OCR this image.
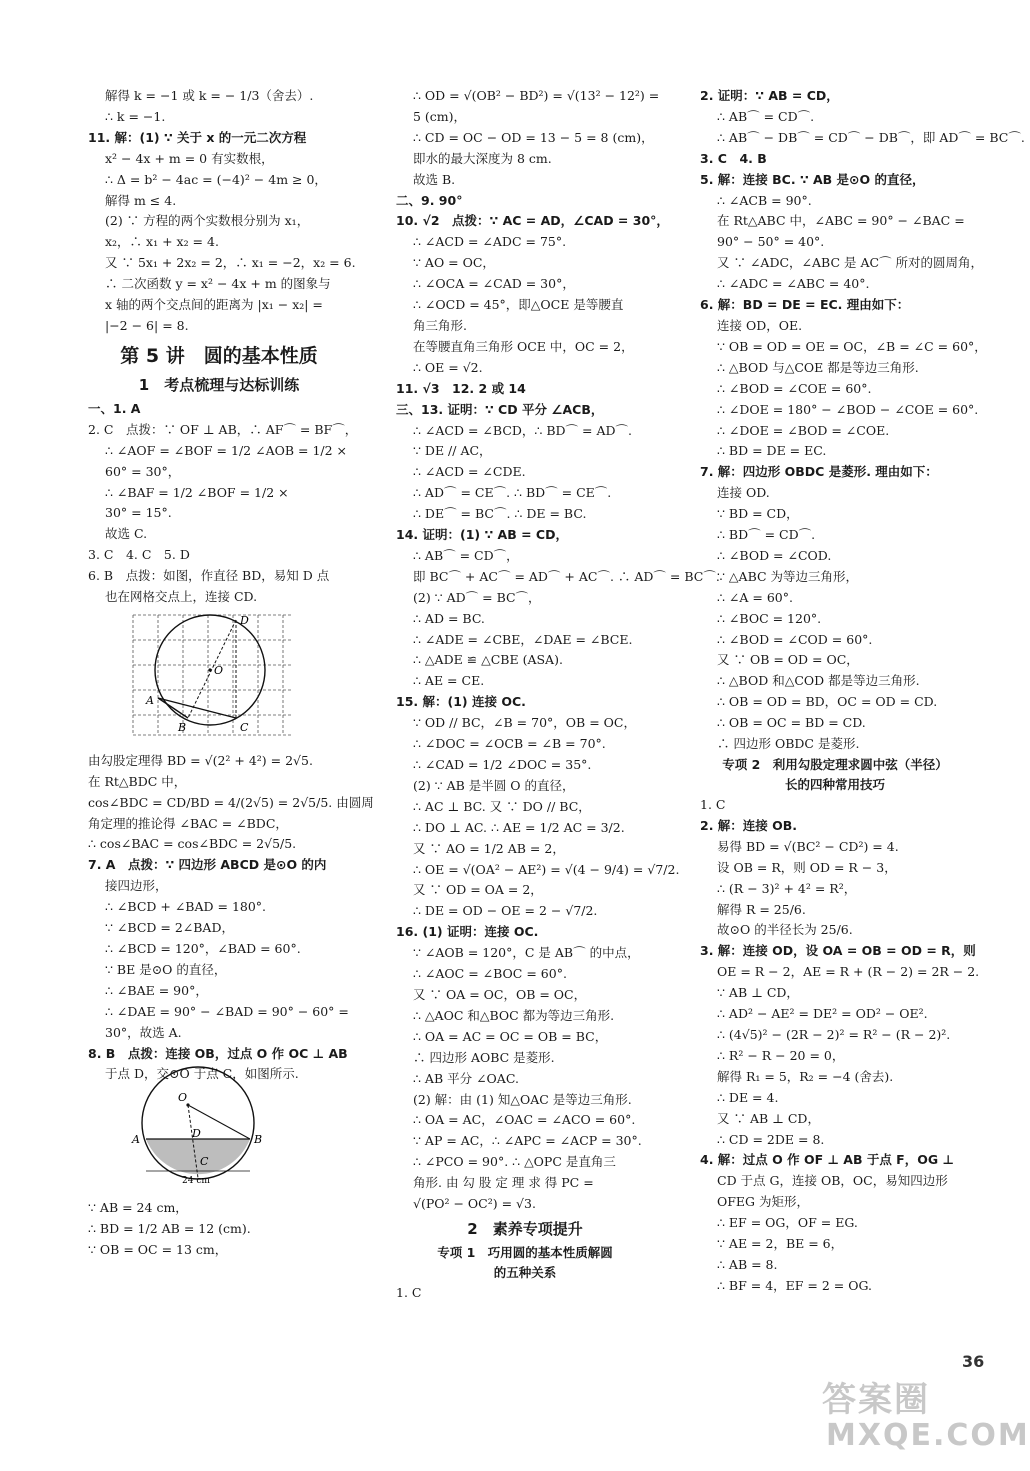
解得 k = −1 或 k = − 1/3（舍去）.
∴ k = −1.
11. 解：(1) ∵ 关于 x 的一元二次方程
x² − 4x + m = 0 有实数根，
∴ Δ = b² − 4ac = (−4)² − 4m ≥ 0，
解得 m ≤ 4.
(2) ∵ 方程的两个实数根分别为 x₁，
x₂，∴ x₁ + x₂ = 4.
又 ∵ 5x₁ + 2x₂ = 2，∴ x₁ = −2，x₂ = 6.
∴ 二次函数 y = x² − 4x + m 的图象与
x 轴的两个交点间的距离为 |x₁ − x₂| =
|−2 − 6| = 8.
第 5 讲　圆的基本性质
1　考点梳理与达标训练
一、1. A
2. C　点拨：∵ OF ⊥ AB，∴ AF⌒ = BF⌒，
∴ ∠AOF = ∠BOF = 1/2 ∠AOB = 1/2 ×
60° = 30°，
∴ ∠BAF = 1/2 ∠BOF = 1/2 ×
30° = 15°.
故选 C.
3. C　4. C　5. D
6. B　点拨：如图，作直径 BD，易知 D 点
也在网格交点上，连接 CD.
D
O
A
B	C
由勾股定理得 BD = √(2² + 4²) = 2√5.
在 Rt△BDC 中，
cos∠BDC = CD/BD = 4/(2√5) = 2√5/5. 由圆周
角定理的推论得 ∠BAC = ∠BDC，
∴ cos∠BAC = cos∠BDC = 2√5/5.
7. A　点拨：∵ 四边形 ABCD 是⊙O 的内
接四边形，
∴ ∠BCD + ∠BAD = 180°.
∵ ∠BCD = 2∠BAD，
∴ ∠BCD = 120°，∠BAD = 60°.
∵ BE 是⊙O 的直径，
∴ ∠BAE = 90°，
∴ ∠DAE = 90° − ∠BAD = 90° − 60° =
30°，故选 A.
8. B　点拨：连接 OB，过点 O 作 OC ⊥ AB
于点 D，交⊙O 于点 C，如图所示.
O
A	D	B
C
24 cm
∵ AB = 24 cm，
∴ BD = 1/2 AB = 12 (cm).
∵ OB = OC = 13 cm，
∴ OD = √(OB² − BD²) = √(13² − 12²) =
5 (cm)，
∴ CD = OC − OD = 13 − 5 = 8 (cm)，
即水的最大深度为 8 cm.
故选 B.
二、9. 90°
10. √2　点拨：∵ AC = AD，∠CAD = 30°，
∴ ∠ACD = ∠ADC = 75°.
∵ AO = OC，
∴ ∠OCA = ∠CAD = 30°，
∴ ∠OCD = 45°，即△OCE 是等腰直
角三角形.
在等腰直角三角形 OCE 中，OC = 2，
∴ OE = √2.
11. √3　12. 2 或 14
三、13. 证明：∵ CD 平分 ∠ACB，
∴ ∠ACD = ∠BCD，∴ BD⌒ = AD⌒.
∵ DE // AC，
∴ ∠ACD = ∠CDE.
∴ AD⌒ = CE⌒. ∴ BD⌒ = CE⌒.
∴ DE⌒ = BC⌒. ∴ DE = BC.
14. 证明：(1) ∵ AB = CD，
∴ AB⌒ = CD⌒，
即 BC⌒ + AC⌒ = AD⌒ + AC⌒. ∴ AD⌒ = BC⌒.
(2) ∵ AD⌒ = BC⌒，
∴ AD = BC.
∴ ∠ADE = ∠CBE，∠DAE = ∠BCE.
∴ △ADE ≌ △CBE (ASA).
∴ AE = CE.
15. 解：(1) 连接 OC.
∵ OD // BC，∠B = 70°，OB = OC，
∴ ∠DOC = ∠OCB = ∠B = 70°.
∴ ∠CAD = 1/2 ∠DOC = 35°.
(2) ∵ AB 是半圆 O 的直径，
∴ AC ⊥ BC. 又 ∵ DO // BC，
∴ DO ⊥ AC. ∴ AE = 1/2 AC = 3/2.
又 ∵ AO = 1/2 AB = 2，
∴ OE = √(OA² − AE²) = √(4 − 9/4) = √7/2.
又 ∵ OD = OA = 2，
∴ DE = OD − OE = 2 − √7/2.
16. (1) 证明：连接 OC.
∵ ∠AOB = 120°，C 是 AB⌒ 的中点，
∴ ∠AOC = ∠BOC = 60°.
又 ∵ OA = OC，OB = OC，
∴ △AOC 和△BOC 都为等边三角形.
∴ OA = AC = OC = OB = BC，
∴ 四边形 AOBC 是菱形.
∴ AB 平分 ∠OAC.
(2) 解：由 (1) 知△OAC 是等边三角形.
∴ OA = AC，∠OAC = ∠ACO = 60°.
∵ AP = AC，∴ ∠APC = ∠ACP = 30°.
∴ ∠PCO = 90°. ∴ △OPC 是直角三
角形. 由 勾 股 定 理 求 得 PC =
√(PO² − OC²) = √3.
2　素养专项提升
专项 1　巧用圆的基本性质解圆
的五种关系
1. C
2. 证明：∵ AB = CD，
∴ AB⌒ = CD⌒.
∴ AB⌒ − DB⌒ = CD⌒ − DB⌒，即 AD⌒ = BC⌒.
3. C　4. B
5. 解：连接 BC. ∵ AB 是⊙O 的直径，
∴ ∠ACB = 90°.
在 Rt△ABC 中，∠ABC = 90° − ∠BAC =
90° − 50° = 40°.
又 ∵ ∠ADC，∠ABC 是 AC⌒ 所对的圆周角，
∴ ∠ADC = ∠ABC = 40°.
6. 解：BD = DE = EC. 理由如下：
连接 OD，OE.
∵ OB = OD = OE = OC，∠B = ∠C = 60°，
∴ △BOD 与△COE 都是等边三角形.
∴ ∠BOD = ∠COE = 60°.
∴ ∠DOE = 180° − ∠BOD − ∠COE = 60°.
∴ ∠DOE = ∠BOD = ∠COE.
∴ BD = DE = EC.
7. 解：四边形 OBDC 是菱形. 理由如下：
连接 OD.
∵ BD = CD，
∴ BD⌒ = CD⌒.
∴ ∠BOD = ∠COD.
∵ △ABC 为等边三角形，
∴ ∠A = 60°.
∴ ∠BOC = 120°.
∴ ∠BOD = ∠COD = 60°.
又 ∵ OB = OD = OC，
∴ △BOD 和△COD 都是等边三角形.
∴ OB = OD = BD，OC = OD = CD.
∴ OB = OC = BD = CD.
∴ 四边形 OBDC 是菱形.
专项 2　利用勾股定理求圆中弦（半径）
长的四种常用技巧
1. C
2. 解：连接 OB.
易得 BD = √(BC² − CD²) = 4.
设 OB = R，则 OD = R − 3，
∴ (R − 3)² + 4² = R²，
解得 R = 25/6.
故⊙O 的半径长为 25/6.
3. 解：连接 OD，设 OA = OB = OD = R，则
OE = R − 2，AE = R + (R − 2) = 2R − 2.
∵ AB ⊥ CD，
∴ AD² − AE² = DE² = OD² − OE².
∴ (4√5)² − (2R − 2)² = R² − (R − 2)².
∴ R² − R − 20 = 0，
解得 R₁ = 5，R₂ = −4 (舍去).
∴ DE = 4.
又 ∵ AB ⊥ CD，
∴ CD = 2DE = 8.
4. 解：过点 O 作 OF ⊥ AB 于点 F，OG ⊥
CD 于点 G，连接 OB，OC，易知四边形
OFEG 为矩形，
∴ EF = OG，OF = EG.
∵ AE = 2，BE = 6，
∴ AB = 8.
∴ BF = 4，EF = 2 = OG.
36
答案圈
MXQE.COM
